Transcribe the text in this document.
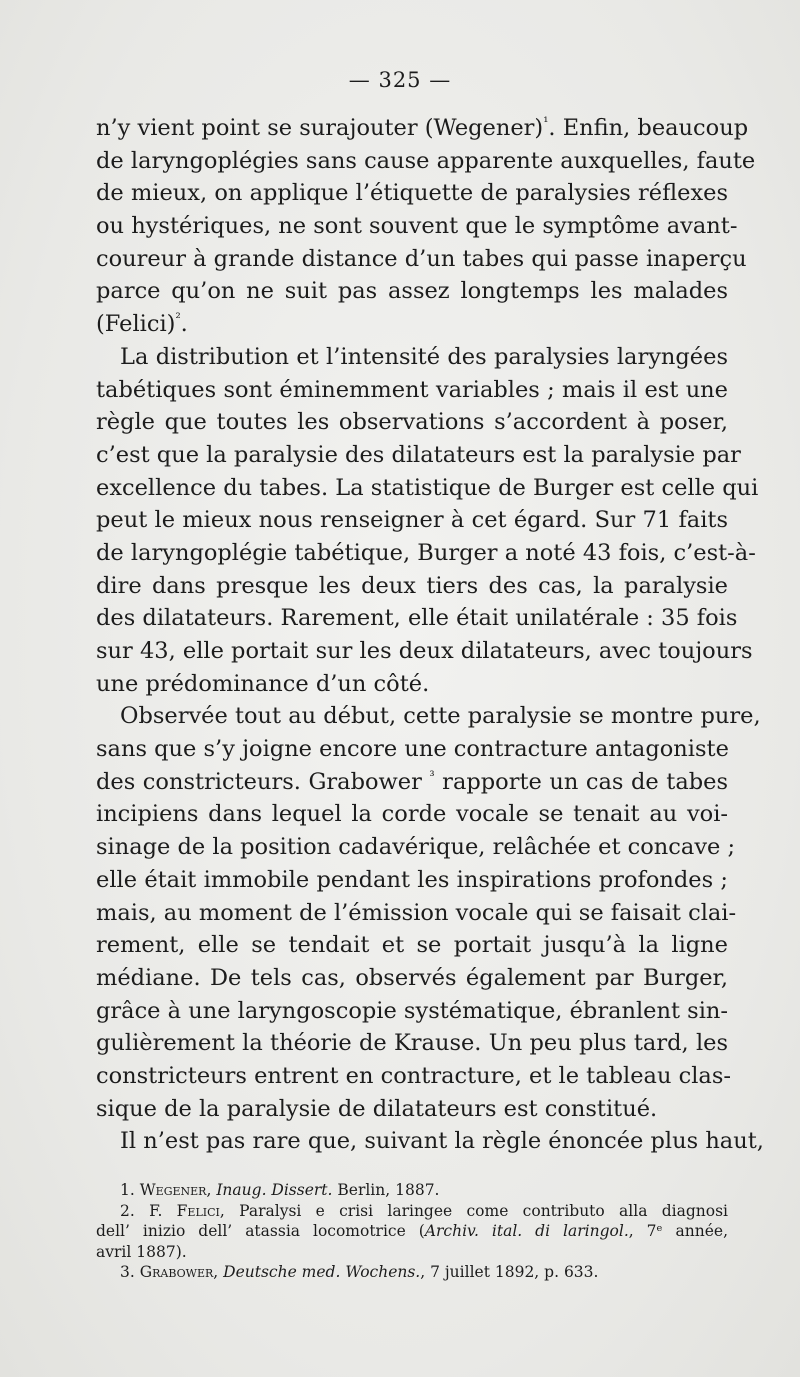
— 325 —
n’y vient point se surajouter (Wegener)$^{^1}$. Enfin, beaucoup
de laryngoplégies sans cause apparente auxquelles, faute
de mieux, on applique l’étiquette de paralysies réflexes
ou hystériques, ne sont souvent que le symptôme avant-
coureur à grande distance d’un tabes qui passe inaperçu
parce qu’on ne suit pas assez longtemps les malades
(Felici)$^{^2}$.
La distribution et l’intensité des paralysies laryngées
tabétiques sont éminemment variables ; mais il est une
règle que toutes les observations s’accordent à poser,
c’est que la paralysie des dilatateurs est la paralysie par
excellence du tabes. La statistique de Burger est celle qui
peut le mieux nous renseigner à cet égard. Sur 71 faits
de laryngoplégie tabétique, Burger a noté 43 fois, c’est-à-
dire dans presque les deux tiers des cas, la paralysie
des dilatateurs. Rarement, elle était unilatérale : 35 fois
sur 43, elle portait sur les deux dilatateurs, avec toujours
une prédominance d’un côté.
Observée tout au début, cette paralysie se montre pure,
sans que s’y joigne encore une contracture antagoniste
des constricteurs. Grabower $^{^3}$ rapporte un cas de tabes
incipiens dans lequel la corde vocale se tenait au voi-
sinage de la position cadavérique, relâchée et concave ;
elle était immobile pendant les inspirations profondes ;
mais, au moment de l’émission vocale qui se faisait clai-
rement, elle se tendait et se portait jusqu’à la ligne
médiane. De tels cas, observés également par Burger,
grâce à une laryngoscopie systématique, ébranlent sin-
gulièrement la théorie de Krause. Un peu plus tard, les
constricteurs entrent en contracture, et le tableau clas-
sique de la paralysie de dilatateurs est constitué.
Il n’est pas rare que, suivant la règle énoncée plus haut,
1. Wegener, Inaug. Dissert. Berlin, 1887.
2. F. Felici, Paralysi e crisi laringee come contributo alla diagnosi
dell’ inizio dell’ atassia locomotrice (Archiv. ital. di laringol., 7ᵉ année,
avril 1887).
3. Grabower, Deutsche med. Wochens., 7 juillet 1892, p. 633.
